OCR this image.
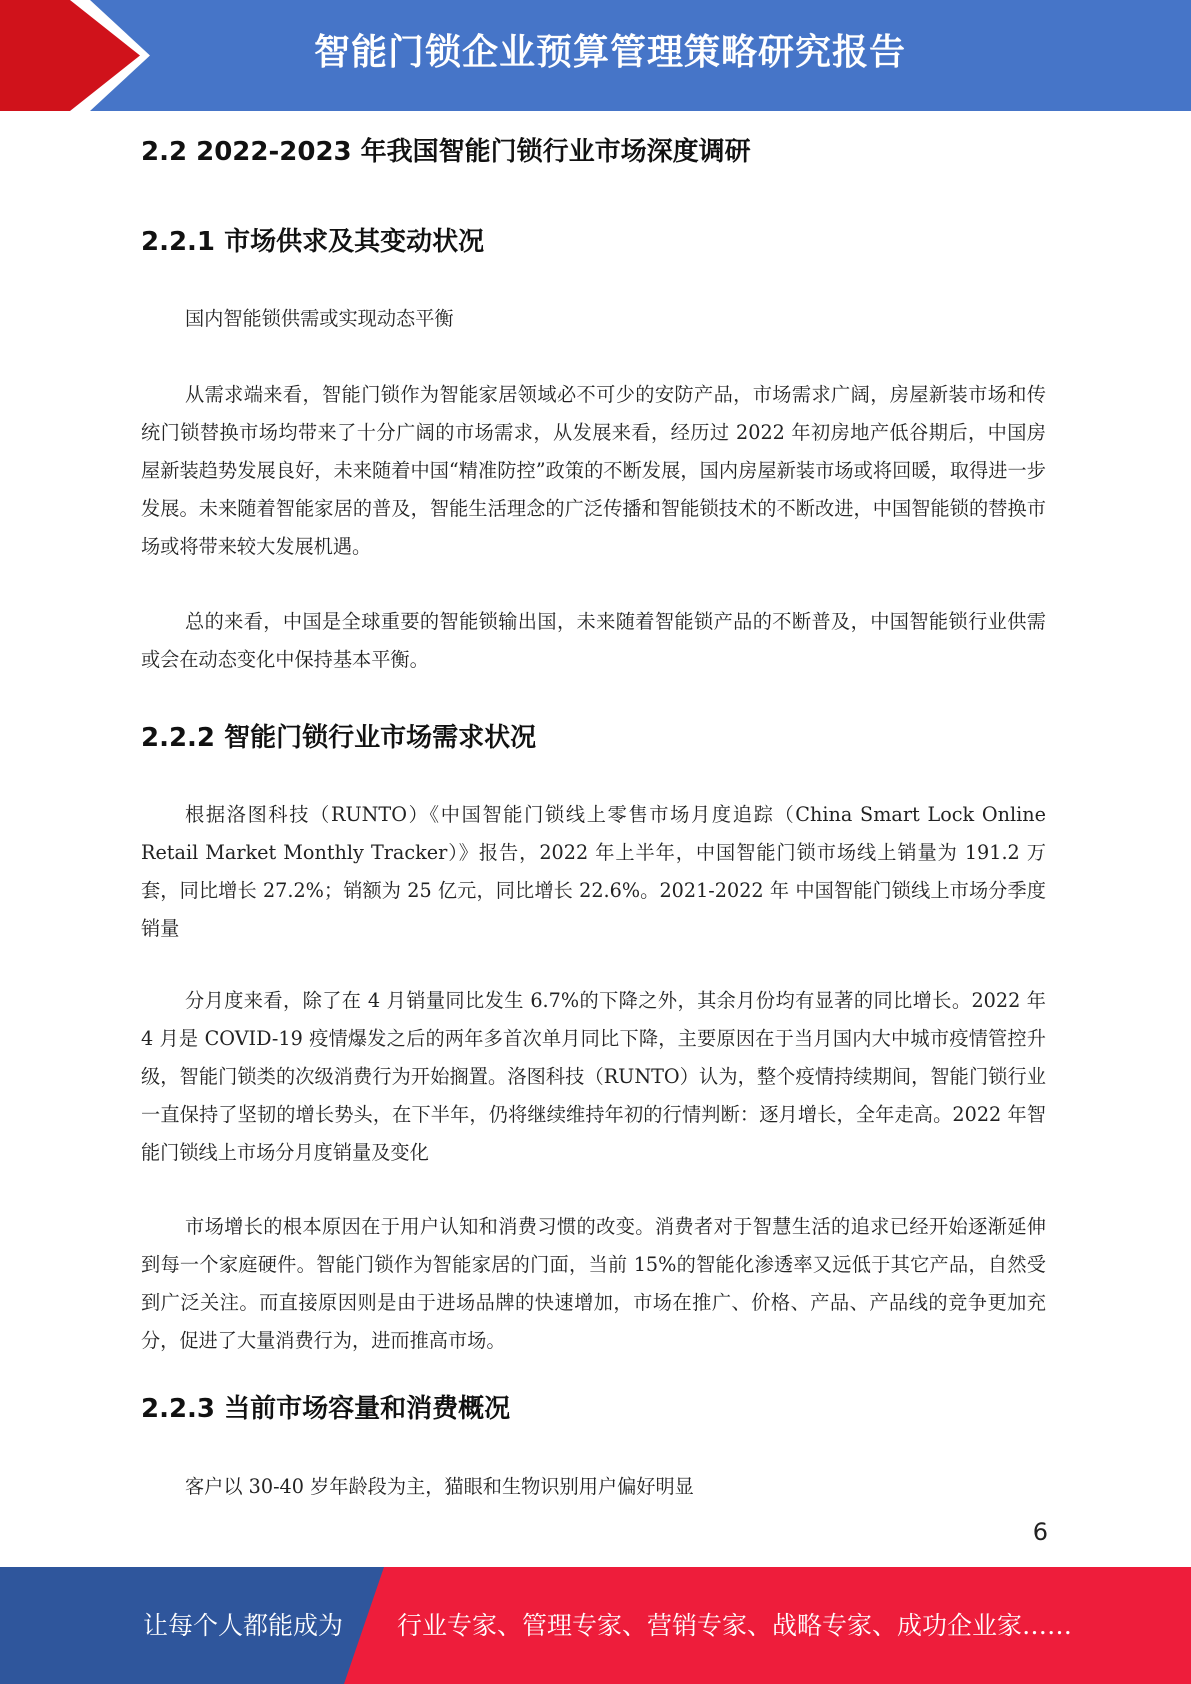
智能门锁企业预算管理策略研究报告
2.2 2022-2023 年我国智能门锁行业市场深度调研
2.2.1 市场供求及其变动状况

国内智能锁供需或实现动态平衡

从需求端来看，智能门锁作为智能家居领域必不可少的安防产品，市场需求广阔，房屋新装市场和传统门锁替换市场均带来了十分广阔的市场需求，从发展来看，经历过 2022 年初房地产低谷期后，中国房屋新装趋势发展良好，未来随着中国“精准防控”政策的不断发展，国内房屋新装市场或将回暖，取得进一步发展。未来随着智能家居的普及，智能生活理念的广泛传播和智能锁技术的不断改进，中国智能锁的替换市场或将带来较大发展机遇。

总的来看，中国是全球重要的智能锁输出国，未来随着智能锁产品的不断普及，中国智能锁行业供需或会在动态变化中保持基本平衡。

2.2.2 智能门锁行业市场需求状况

根据洛图科技（RUNTO）《中国智能门锁线上零售市场月度追踪（China Smart Lock Online Retail Market Monthly Tracker）》报告，2022 年上半年，中国智能门锁市场线上销量为 191.2 万套，同比增长 27.2%；销额为 25 亿元，同比增长 22.6%。2021-2022 年 中国智能门锁线上市场分季度销量

分月度来看，除了在 4 月销量同比发生 6.7%的下降之外，其余月份均有显著的同比增长。2022 年 4 月是 COVID-19 疫情爆发之后的两年多首次单月同比下降，主要原因在于当月国内大中城市疫情管控升级，智能门锁类的次级消费行为开始搁置。洛图科技（RUNTO）认为，整个疫情持续期间，智能门锁行业一直保持了坚韧的增长势头，在下半年，仍将继续维持年初的行情判断：逐月增长，全年走高。2022 年智能门锁线上市场分月度销量及变化

市场增长的根本原因在于用户认知和消费习惯的改变。消费者对于智慧生活的追求已经开始逐渐延伸到每一个家庭硬件。智能门锁作为智能家居的门面，当前 15%的智能化渗透率又远低于其它产品，自然受到广泛关注。而直接原因则是由于进场品牌的快速增加，市场在推广、价格、产品、产品线的竞争更加充分，促进了大量消费行为，进而推高市场。

2.2.3 当前市场容量和消费概况

客户以 30-40 岁年龄段为主，猫眼和生物识别用户偏好明显

6
让每个人都能成为 行业专家、管理专家、营销专家、战略专家、成功企业家……
